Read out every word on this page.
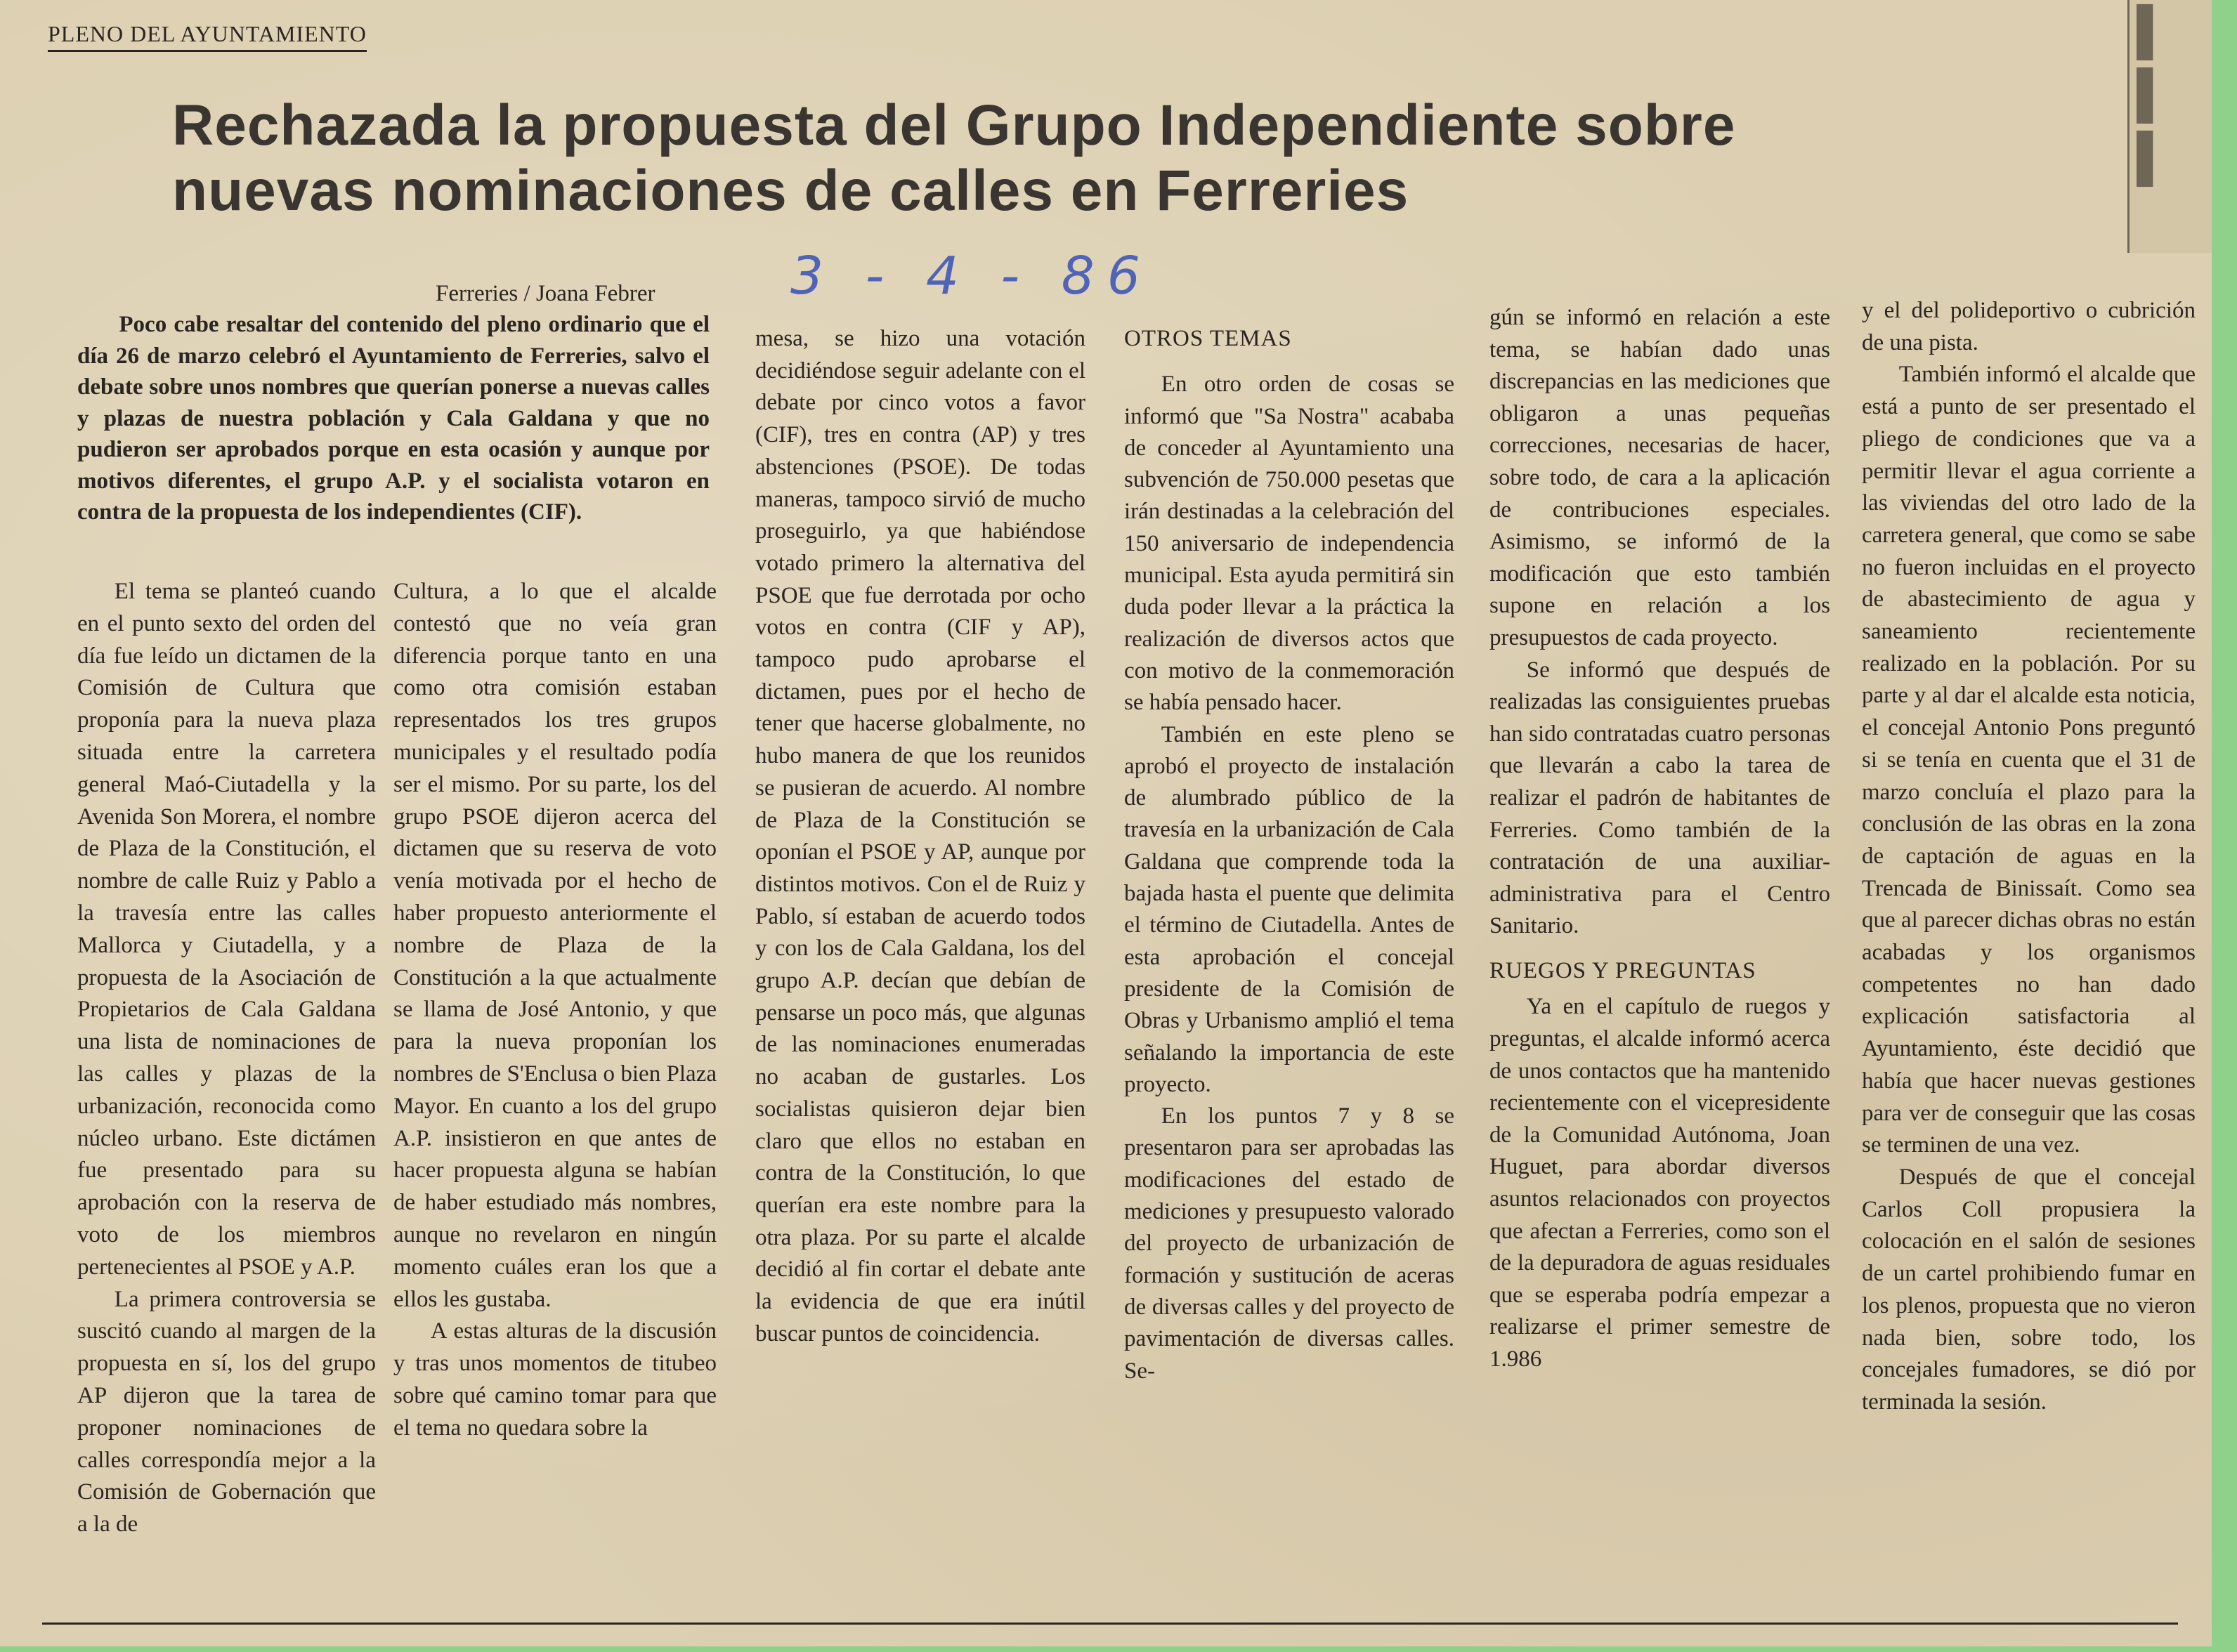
▌
▌
▌
PLENO DEL AYUNTAMIENTO
Rechazada la propuesta del Grupo Independiente sobre nuevas nominaciones de calles en Ferreries
3 - 4 - 86
Ferreries / Joana Febrer

Poco cabe resaltar del contenido del pleno ordinario que el día 26 de marzo celebró el Ayuntamiento de Ferreries, salvo el debate sobre unos nombres que querían ponerse a nuevas calles y plazas de nuestra población y Cala Galdana y que no pudieron ser aprobados porque en esta ocasión y aunque por motivos diferentes, el grupo A.P. y el socialista votaron en contra de la propuesta de los independientes (CIF).

El tema se planteó cuando en el punto sexto del orden del día fue leído un dictamen de la Comisión de Cultura que proponía para la nueva plaza situada entre la carretera general Maó-Ciutadella y la Avenida Son Morera, el nombre de Plaza de la Constitución, el nombre de calle Ruiz y Pablo a la travesía entre las calles Mallorca y Ciutadella, y a propuesta de la Asociación de Propietarios de Cala Galdana una lista de nominaciones de las calles y plazas de la urbanización, reconocida como núcleo urbano. Este dictámen fue presentado para su aprobación con la reserva de voto de los miembros pertenecientes al PSOE y A.P.

La primera controversia se suscitó cuando al margen de la propuesta en sí, los del grupo AP dijeron que la tarea de proponer nominaciones de calles correspondía mejor a la Comisión de Gobernación que a la de

Cultura, a lo que el alcalde contestó que no veía gran diferencia porque tanto en una como otra comisión estaban representados los tres grupos municipales y el resultado podía ser el mismo. Por su parte, los del grupo PSOE dijeron acerca del dictamen que su reserva de voto venía motivada por el hecho de haber propuesto anteriormente el nombre de Plaza de la Constitución a la que actualmente se llama de José Antonio, y que para la nueva proponían los nombres de S'Enclusa o bien Plaza Mayor. En cuanto a los del grupo A.P. insistieron en que antes de hacer propuesta alguna se habían de haber estudiado más nombres, aunque no revelaron en ningún momento cuáles eran los que a ellos les gustaba.

A estas alturas de la discusión y tras unos momentos de titubeo sobre qué camino tomar para que el tema no quedara sobre la

mesa, se hizo una votación decidiéndose seguir adelante con el debate por cinco votos a favor (CIF), tres en contra (AP) y tres abstenciones (PSOE). De todas maneras, tampoco sirvió de mucho proseguirlo, ya que habiéndose votado primero la alternativa del PSOE que fue derrotada por ocho votos en contra (CIF y AP), tampoco pudo aprobarse el dictamen, pues por el hecho de tener que hacerse globalmente, no hubo manera de que los reunidos se pusieran de acuerdo. Al nombre de Plaza de la Constitución se oponían el PSOE y AP, aunque por distintos motivos. Con el de Ruiz y Pablo, sí estaban de acuerdo todos y con los de Cala Galdana, los del grupo A.P. decían que debían de pensarse un poco más, que algunas de las nominaciones enumeradas no acaban de gustarles. Los socialistas quisieron dejar bien claro que ellos no estaban en contra de la Constitución, lo que querían era este nombre para la otra plaza. Por su parte el alcalde decidió al fin cortar el debate ante la evidencia de que era inútil buscar puntos de coincidencia.

OTROS TEMAS

En otro orden de cosas se informó que "Sa Nostra" acababa de conceder al Ayuntamiento una subvención de 750.000 pesetas que irán destinadas a la celebración del 150 aniversario de independencia municipal. Esta ayuda permitirá sin duda poder llevar a la práctica la realización de diversos actos que con motivo de la conmemoración se había pensado hacer.

También en este pleno se aprobó el proyecto de instalación de alumbrado público de la travesía en la urbanización de Cala Galdana que comprende toda la bajada hasta el puente que delimita el término de Ciutadella. Antes de esta aprobación el concejal presidente de la Comisión de Obras y Urbanismo amplió el tema señalando la importancia de este proyecto.

En los puntos 7 y 8 se presentaron para ser aprobadas las modificaciones del estado de mediciones y presupuesto valorado del proyecto de urbanización de formación y sustitución de aceras de diversas calles y del proyecto de pavimentación de diversas calles. Se-

gún se informó en relación a este tema, se habían dado unas discrepancias en las mediciones que obligaron a unas pequeñas correcciones, necesarias de hacer, sobre todo, de cara a la aplicación de contribuciones especiales. Asimismo, se informó de la modificación que esto también supone en relación a los presupuestos de cada proyecto.

Se informó que después de realizadas las consiguientes pruebas han sido contratadas cuatro personas que llevarán a cabo la tarea de realizar el padrón de habitantes de Ferreries. Como también de la contratación de una auxiliar-administrativa para el Centro Sanitario.

RUEGOS Y PREGUNTAS

Ya en el capítulo de ruegos y preguntas, el alcalde informó acerca de unos contactos que ha mantenido recientemente con el vicepresidente de la Comunidad Autónoma, Joan Huguet, para abordar diversos asuntos relacionados con proyectos que afectan a Ferreries, como son el de la depuradora de aguas residuales que se esperaba podría empezar a realizarse el primer semestre de 1.986

y el del polideportivo o cubrición de una pista.

También informó el alcalde que está a punto de ser presentado el pliego de condiciones que va a permitir llevar el agua corriente a las viviendas del otro lado de la carretera general, que como se sabe no fueron incluidas en el proyecto de abastecimiento de agua y saneamiento recientemente realizado en la población. Por su parte y al dar el alcalde esta noticia, el concejal Antonio Pons preguntó si se tenía en cuenta que el 31 de marzo concluía el plazo para la conclusión de las obras en la zona de captación de aguas en la Trencada de Binissaít. Como sea que al parecer dichas obras no están acabadas y los organismos competentes no han dado explicación satisfactoria al Ayuntamiento, éste decidió que había que hacer nuevas gestiones para ver de conseguir que las cosas se terminen de una vez.

Después de que el concejal Carlos Coll propusiera la colocación en el salón de sesiones de un cartel prohibiendo fumar en los plenos, propuesta que no vieron nada bien, sobre todo, los concejales fumadores, se dió por terminada la sesión.
